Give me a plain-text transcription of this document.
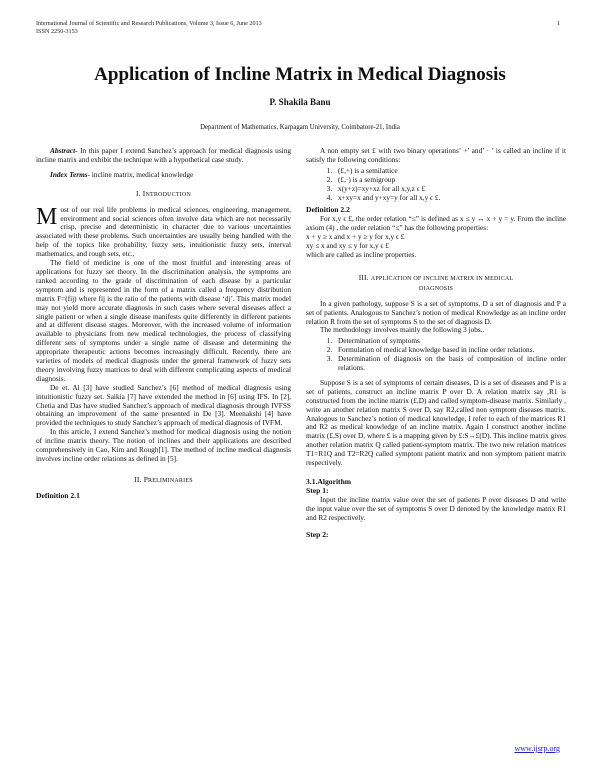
International Journal of Scientific and Research Publications, Volume 3, Issue 6, June 2013
ISSN 2250-3153
1
Application of Incline Matrix in Medical Diagnosis
P. Shakila Banu
Department of Mathematics, Karpagam University, Coimbatore-21, India

Abstract- In this paper I extend Sanchez’s approach for medical diagnosis using incline matrix and exhibit the technique with a hypothetical case study.

Index Terms- incline matrix, medical knowledge

I. INTRODUCTION

Most of our real life problems in medical sciences, engineering, management, environment and social sciences often involve data which are not necessarily crisp, precise and deterministic in character due to various uncertainties associated with these problems. Such uncertainties are usually being handled with the help of the topics like probability, fuzzy sets, intuitionistic fuzzy sets, interval mathematics, and rough sets, etc.,

The field of medicine is one of the most fruitful and interesting areas of applications for fuzzy set theory. In the discrimination analysis, the symptoms are ranked according to the grade of discrimination of each disease by a particular symptom and is represented in the form of a matrix called a frequency distribution matrix F=(fij) where fij is the ratio of the patients with disease ‘dj’. This matrix model may not yield more accurate diagnosis in such cases where several diseases affect a single patient or when a single disease manifests quite differently in different patients and at different disease stages. Moreover, with the increased volume of information available to physicians from new medical technologies, the process of classifying different sets of symptoms under a single name of disease and determining the appropriate therapeutic actions becomes increasingly difficult. Recently, there are varieties of models of medical diagnosis under the general framework of fuzzy sets theory involving fuzzy matrices to deal with different complicating aspects of medical diagnosis.

De et. Al [3] have studied Sanchez’s [6] method of medical diagnosis using intuitionistic fuzzy set. Saikia [7] have extended the method in [6] using IFS. In [2], Chetia and Das have studied Sanchez’s approach of medical diagnosis through IVFSS obtaining an improvement of the same presented in De [3]. Meenakshi [4] have provided the techniques to study Sanchez’s approach of medical diagnosis of IVFM.

In this article, I extend Sanchez’s method for medical diagnosis using the notion of incline matrix theory. The notion of inclines and their applications are described comprehensively in Cao, Kim and Rough[1]. The method of incline medical diagnosis involves incline order relations as defined in [5].

II. PRELIMINARIES
Definition 2.1

A non empty set £ with two binary operations’ +’ and’ · ’ is called an incline if it satisfy the following conditions:

1. (£,+) is a semilattice
2. (£,·) is a semigroup
3. x(y+z)=xy+xz for all x,y,z ϵ £
4. x+xy=x and y+xy=y for all x,y ϵ £.
Definition 2.2

For x,y ϵ £, the order relation “≤” is defined as x ≤ y ↔ x + y = y. From the incline axiom (4) , the order relation “≤” has the following properties:

x + y ≥ x and x + y ≥ y for x,y ϵ £

xy ≤ x and xy ≤ y for x,y ϵ £

which are called as incline properties.

III. APPLICATION OF INCLINE MATRIX IN MEDICAL DIAGNOSIS

In a given pathology, suppose S is a set of symptoms, D a set of diagnosis and P a set of patients. Analogous to Sanchez’s notion of medical Knowledge as an incline order relation R from the set of symptoms S to the set of diagnosis D.

The methodology involves mainly the following 3 jobs..

1. Determination of symptoms
2. Formulation of medical knowledge based in incline order relations.
3. Determination of diagnosis on the basis of composition of incline order relations.

Suppose S is a set of symptoms of certain diseases, D is a set of diseases and P is a set of patients, construct an incline matrix P over D. A relation matrix say ,R1 is constructed from the incline matrix (£,D) and called symptom-disease matrix. Similarly , write an another relation matrix S over D, say R2,called non symptom diseases matrix. Analogous to Sanchez’s notion of medical knowledge, I refer to each of the matrices R1 and R2 as medical knowledge of an incline matrix. Again I construct another incline matrix (£,S) over D, where £ is a mapping given by £:S→£(D). This incline matrix gives another relation matrix Q called patient-symptom matrix. The two new relation matrices T1=R1Q and T2=R2Q called symptom patient matrix and non symptom patient matrix respectively.

3.1.Algorithm
Step 1:

Input the incline matrix value over the set of patients P over diseases D and write the input value over the set of symptoms S over D denoted by the knowledge matrix R1 and R2 respectively.

Step 2:
www.ijsrp.org
